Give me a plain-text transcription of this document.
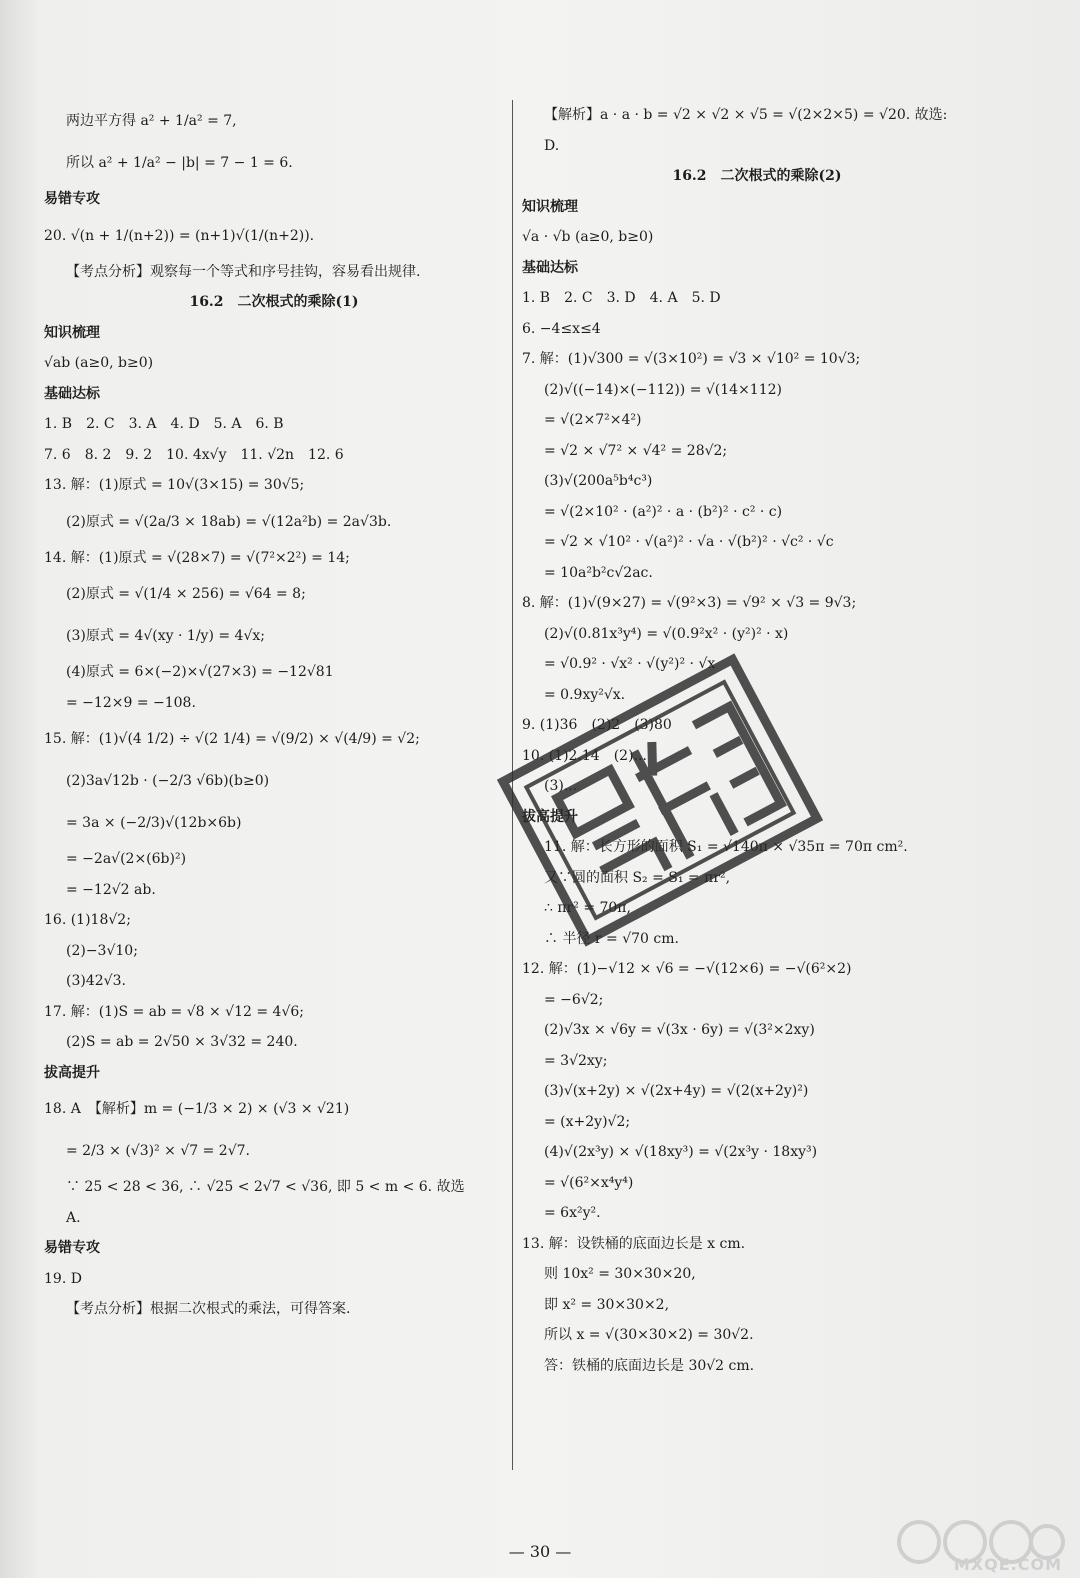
两边平方得 a² + 1/a² = 7,
所以 a² + 1/a² − |b| = 7 − 1 = 6.
易错专攻
20. √(n + 1/(n+2)) = (n+1)√(1/(n+2)).
【考点分析】观察每一个等式和序号挂钩，容易看出规律.
16.2　二次根式的乘除(1)
知识梳理
√ab (a≥0, b≥0)
基础达标
1. B　2. C　3. A　4. D　5. A　6. B
7. 6　8. 2　9. 2　10. 4x√y　11. √2n　12. 6
13. 解：(1)原式 = 10√(3×15) = 30√5;
(2)原式 = √(2a/3 × 18ab) = √(12a²b) = 2a√3b.
14. 解：(1)原式 = √(28×7) = √(7²×2²) = 14;
(2)原式 = √(1/4 × 256) = √64 = 8;
(3)原式 = 4√(xy · 1/y) = 4√x;
(4)原式 = 6×(−2)×√(27×3) = −12√81
= −12×9 = −108.
15. 解：(1)√(4 1/2) ÷ √(2 1/4) = √(9/2) × √(4/9) = √2;
(2)3a√12b · (−2/3 √6b)(b≥0)
= 3a × (−2/3)√(12b×6b)
= −2a√(2×(6b)²)
= −12√2 ab.
16. (1)18√2;
(2)−3√10;
(3)42√3.
17. 解：(1)S = ab = √8 × √12 = 4√6;
(2)S = ab = 2√50 × 3√32 = 240.
拔高提升
18. A　【解析】m = (−1/3 × 2) × (√3 × √21)
= 2/3 × (√3)² × √7 = 2√7.
∵ 25 < 28 < 36, ∴ √25 < 2√7 < √36, 即 5 < m < 6. 故选
A.
易错专攻
19. D
【考点分析】根据二次根式的乘法，可得答案.
【解析】a · a · b = √2 × √2 × √5 = √(2×2×5) = √20. 故选:
D.
16.2　二次根式的乘除(2)
知识梳理
√a · √b (a≥0, b≥0)
基础达标
1. B　2. C　3. D　4. A　5. D
6. −4≤x≤4
7. 解：(1)√300 = √(3×10²) = √3 × √10² = 10√3;
(2)√((−14)×(−112)) = √(14×112)
= √(2×7²×4²)
= √2 × √7² × √4² = 28√2;
(3)√(200a⁵b⁴c³)
= √(2×10² · (a²)² · a · (b²)² · c² · c)
= √2 × √10² · √(a²)² · √a · √(b²)² · √c² · √c
= 10a²b²c√2ac.
8. 解：(1)√(9×27) = √(9²×3) = √9² × √3 = 9√3;
(2)√(0.81x³y⁴) = √(0.9²x² · (y²)² · x)
= √0.9² · √x² · √(y²)² · √x
= 0.9xy²√x.
9. (1)36　(2)2　(3)80
10. (1)2.14　(2)...
(3)...
拔高提升
11. 解：长方形的面积 S₁ = √140π × √35π = 70π cm².
又∵圆的面积 S₂ = S₁ = πr²,
∴ πr² = 70π,
∴ 半径 r = √70 cm.
12. 解：(1)−√12 × √6 = −√(12×6) = −√(6²×2)
= −6√2;
(2)√3x × √6y = √(3x · 6y) = √(3²×2xy)
= 3√2xy;
(3)√(x+2y) × √(2x+4y) = √(2(x+2y)²)
= (x+2y)√2;
(4)√(2x³y) × √(18xy³) = √(2x³y · 18xy³)
= √(6²×x⁴y⁴)
= 6x²y².
13. 解：设铁桶的底面边长是 x cm.
则 10x² = 30×30×20,
即 x² = 30×30×2,
所以 x = √(30×30×2) = 30√2.
答：铁桶的底面边长是 30√2 cm.
— 30 —
MXQE.COM
